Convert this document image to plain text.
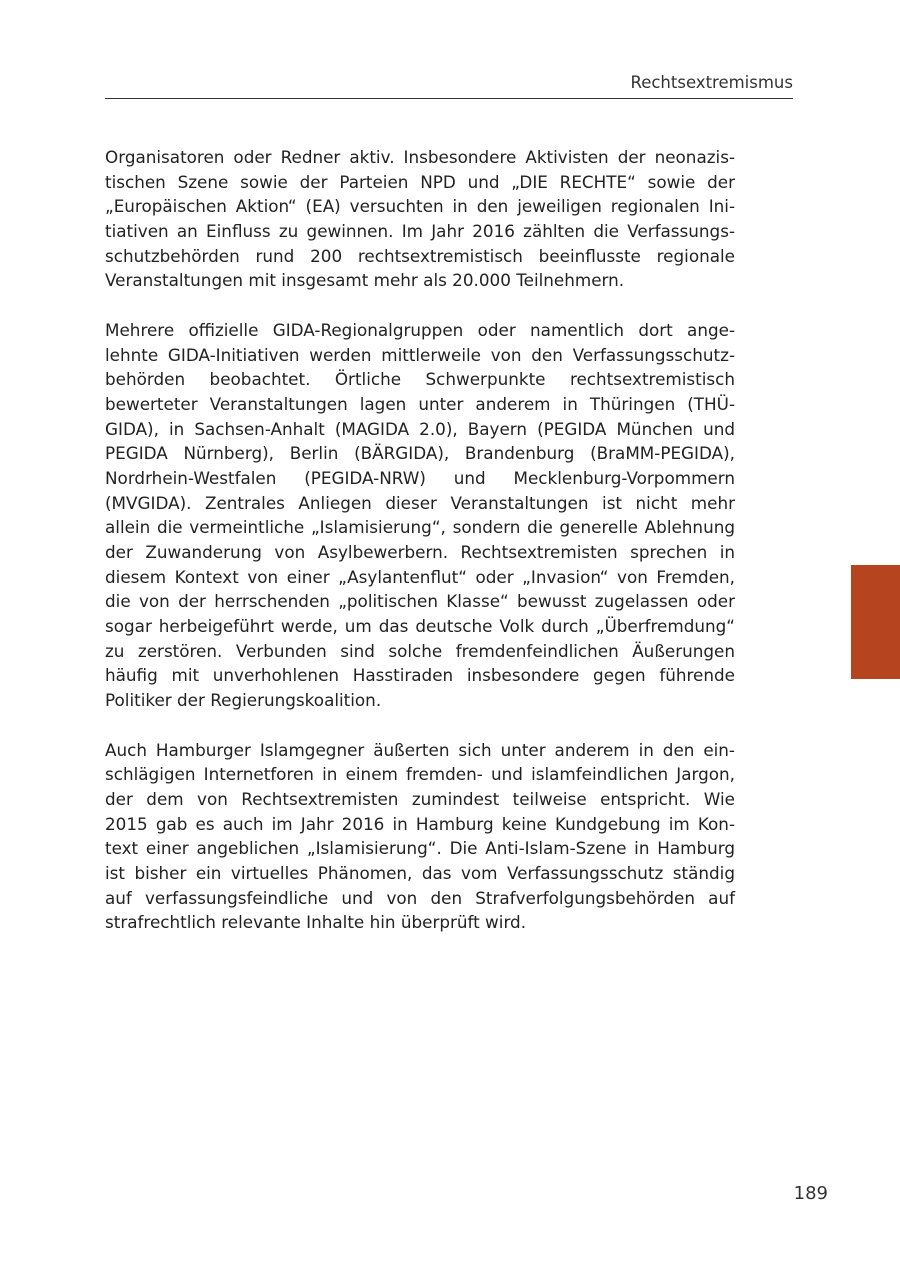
Rechtsextremismus
Organisatoren oder Redner aktiv. Insbesondere Aktivisten der neonazis-
tischen Szene sowie der Parteien NPD und „DIE RECHTE“ sowie der
„Europäischen Aktion“ (EA) versuchten in den jeweiligen regionalen Ini-
tiativen an Einfluss zu gewinnen. Im Jahr 2016 zählten die Verfassungs-
schutzbehörden rund 200 rechtsextremistisch beeinflusste regionale
Veranstaltungen mit insgesamt mehr als 20.000 Teilnehmern.
Mehrere offizielle GIDA-Regionalgruppen oder namentlich dort ange-
lehnte GIDA-Initiativen werden mittlerweile von den Verfassungsschutz-
behörden beobachtet. Örtliche Schwerpunkte rechtsextremistisch
bewerteter Veranstaltungen lagen unter anderem in Thüringen (THÜ-
GIDA), in Sachsen-Anhalt (MAGIDA 2.0), Bayern (PEGIDA München und
PEGIDA Nürnberg), Berlin (BÄRGIDA), Brandenburg (BraMM-PEGIDA),
Nordrhein-Westfalen (PEGIDA-NRW) und Mecklenburg-Vorpommern
(MVGIDA). Zentrales Anliegen dieser Veranstaltungen ist nicht mehr
allein die vermeintliche „Islamisierung“, sondern die generelle Ablehnung
der Zuwanderung von Asylbewerbern. Rechtsextremisten sprechen in
diesem Kontext von einer „Asylantenflut“ oder „Invasion“ von Fremden,
die von der herrschenden „politischen Klasse“ bewusst zugelassen oder
sogar herbeigeführt werde, um das deutsche Volk durch „Überfremdung“
zu zerstören. Verbunden sind solche fremdenfeindlichen Äußerungen
häufig mit unverhohlenen Hasstiraden insbesondere gegen führende
Politiker der Regierungskoalition.
Auch Hamburger Islamgegner äußerten sich unter anderem in den ein-
schlägigen Internetforen in einem fremden- und islamfeindlichen Jargon,
der dem von Rechtsextremisten zumindest teilweise entspricht. Wie
2015 gab es auch im Jahr 2016 in Hamburg keine Kundgebung im Kon-
text einer angeblichen „Islamisierung“. Die Anti-Islam-Szene in Hamburg
ist bisher ein virtuelles Phänomen, das vom Verfassungsschutz ständig
auf verfassungsfeindliche und von den Strafverfolgungsbehörden auf
strafrechtlich relevante Inhalte hin überprüft wird.
189
